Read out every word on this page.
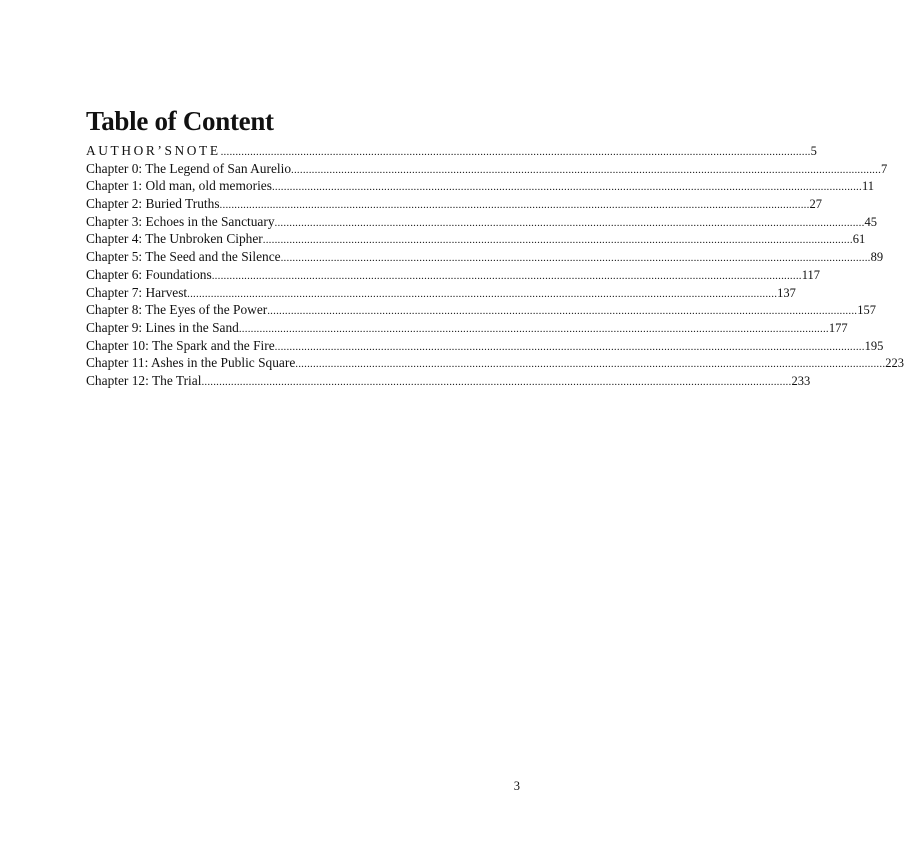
Table of Content
AUTHOR’SNOTE ........................................................................................................................................................................................................ 5
Chapter 0: The Legend of San Aurelio ........................................................................................................................................................................................................ 7
Chapter 1: Old man, old memories ........................................................................................................................................................................................................ 11
Chapter 2: Buried Truths ........................................................................................................................................................................................................ 27
Chapter 3: Echoes in the Sanctuary ........................................................................................................................................................................................................ 45
Chapter 4: The Unbroken Cipher ........................................................................................................................................................................................................ 61
Chapter 5: The Seed and the Silence ........................................................................................................................................................................................................ 89
Chapter 6: Foundations ........................................................................................................................................................................................................ 117
Chapter 7: Harvest ........................................................................................................................................................................................................ 137
Chapter 8: The Eyes of the Power ........................................................................................................................................................................................................ 157
Chapter 9: Lines in the Sand ........................................................................................................................................................................................................ 177
Chapter 10: The Spark and the Fire ........................................................................................................................................................................................................ 195
Chapter 11: Ashes in the Public Square ........................................................................................................................................................................................................ 223
Chapter 12: The Trial ........................................................................................................................................................................................................ 233
3
